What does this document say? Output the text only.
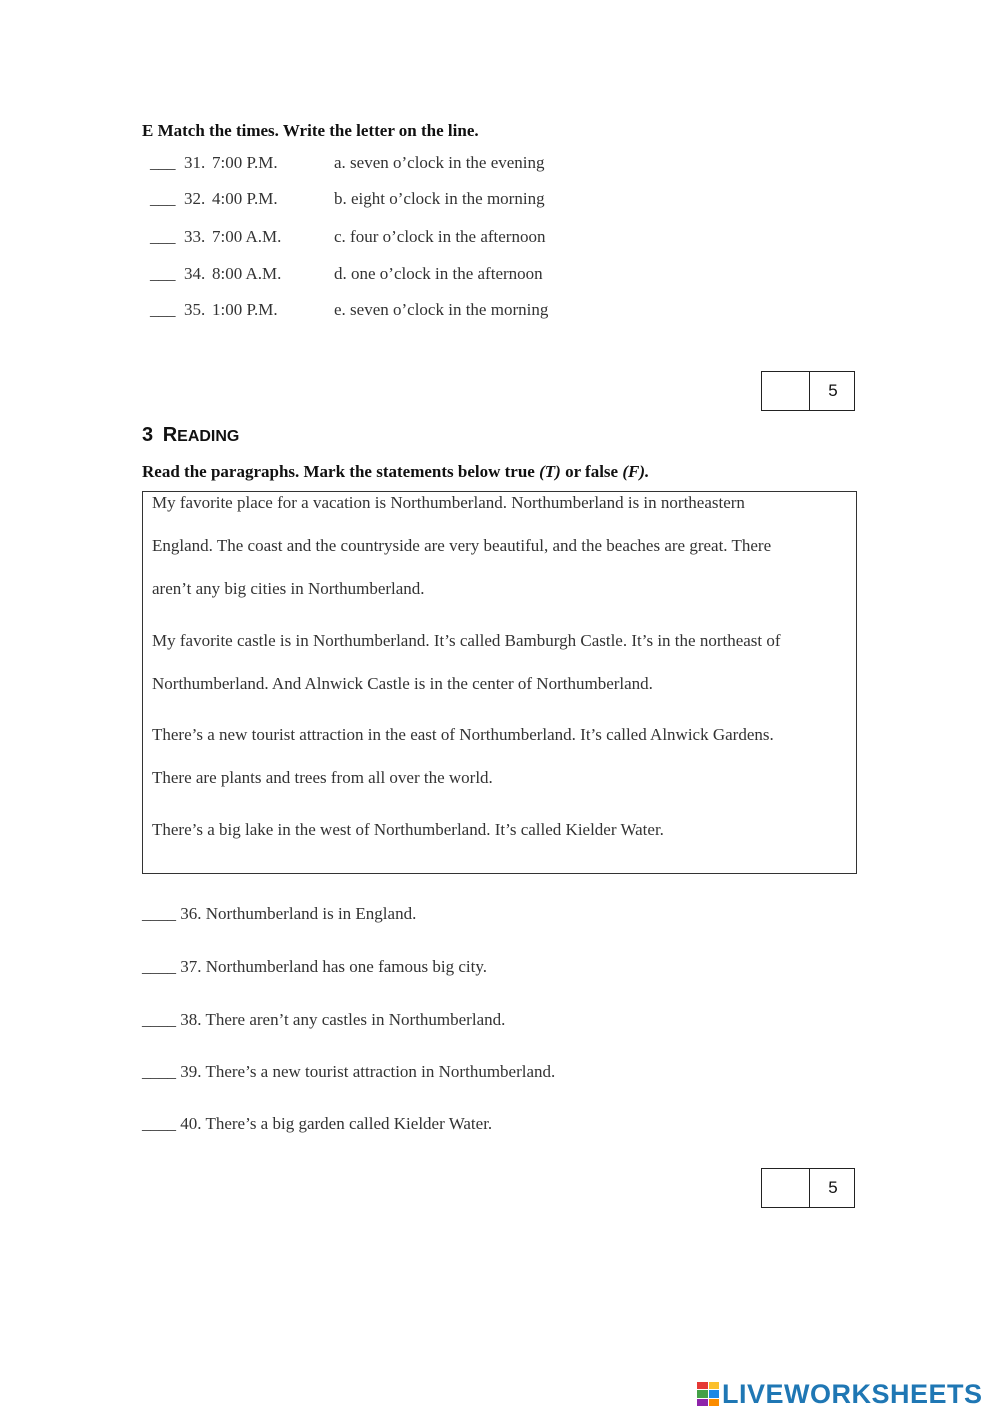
E Match the times. Write the letter on the line.
___ 31. 7:00 P.M.	a. seven o’clock in the evening
___ 32. 4:00 P.M.	b. eight o’clock in the morning
___ 33. 7:00 A.M.	c. four o’clock in the afternoon
___ 34. 8:00 A.M.	d. one o’clock in the afternoon
___ 35. 1:00 P.M.	e. seven o’clock in the morning
5
3 READING
Read the paragraphs. Mark the statements below true (T) or false (F).
My favorite place for a vacation is Northumberland. Northumberland is in northeastern
England. The coast and the countryside are very beautiful, and the beaches are great. There
aren’t any big cities in Northumberland.
My favorite castle is in Northumberland. It’s called Bamburgh Castle. It’s in the northeast of
Northumberland. And Alnwick Castle is in the center of Northumberland.
There’s a new tourist attraction in the east of Northumberland. It’s called Alnwick Gardens.
There are plants and trees from all over the world.
There’s a big lake in the west of Northumberland. It’s called Kielder Water.
____ 36. Northumberland is in England.
____ 37. Northumberland has one famous big city.
____ 38. There aren’t any castles in Northumberland.
____ 39. There’s a new tourist attraction in Northumberland.
____ 40. There’s a big garden called Kielder Water.
5
LIVEWORKSHEETS
